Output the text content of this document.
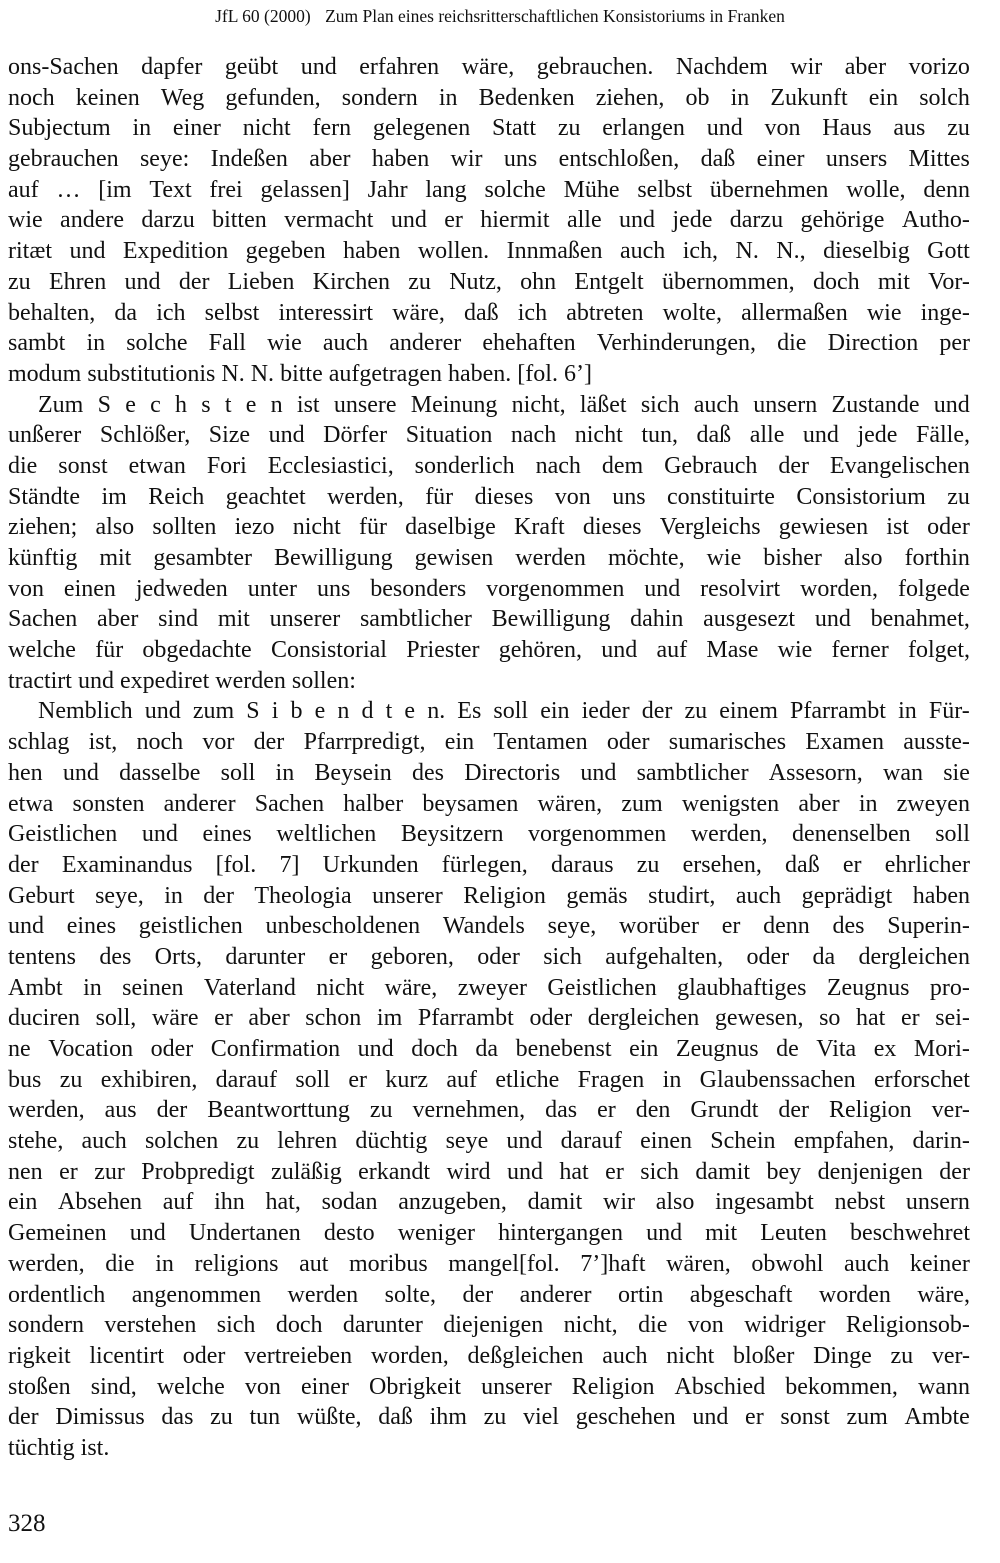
JfL 60 (2000) Zum Plan eines reichsritterschaftlichen Konsistoriums in Franken
ons-Sachen dapfer geübt und erfahren wäre, gebrauchen. Nachdem wir aber vorizo
noch keinen Weg gefunden, sondern in Bedenken ziehen, ob in Zukunft ein solch
Subjectum in einer nicht fern gelegenen Statt zu erlangen und von Haus aus zu
gebrauchen seye: Indeßen aber haben wir uns entschloßen, daß einer unsers Mittes
auf … [im Text frei gelassen] Jahr lang solche Mühe selbst übernehmen wolle, denn
wie andere darzu bitten vermacht und er hiermit alle und jede darzu gehörige Autho-
ritæt und Expedition gegeben haben wollen. Innmaßen auch ich, N. N., dieselbig Gott
zu Ehren und der Lieben Kirchen zu Nutz, ohn Entgelt übernommen, doch mit Vor-
behalten, da ich selbst interessirt wäre, daß ich abtreten wolte, allermaßen wie inge-
sambt in solche Fall wie auch anderer ehehaften Verhinderungen, die Direction per
modum substitutionis N. N. bitte aufgetragen haben. [fol. 6’]
Zum S e c h s t e n ist unsere Meinung nicht, läßet sich auch unsern Zustande und
unßerer Schlößer, Size und Dörfer Situation nach nicht tun, daß alle und jede Fälle,
die sonst etwan Fori Ecclesiastici, sonderlich nach dem Gebrauch der Evangelischen
Ständte im Reich geachtet werden, für dieses von uns constituirte Consistorium zu
ziehen; also sollten iezo nicht für daselbige Kraft dieses Vergleichs gewiesen ist oder
künftig mit gesambter Bewilligung gewisen werden möchte, wie bisher also forthin
von einen jedweden unter uns besonders vorgenommen und resolvirt worden, folgede
Sachen aber sind mit unserer sambtlicher Bewilligung dahin ausgesezt und benahmet,
welche für obgedachte Consistorial Priester gehören, und auf Mase wie ferner folget,
tractirt und expediret werden sollen:
Nemblich und zum S i b e n d t e n. Es soll ein ieder der zu einem Pfarrambt in Für-
schlag ist, noch vor der Pfarrpredigt, ein Tentamen oder sumarisches Examen ausste-
hen und dasselbe soll in Beysein des Directoris und sambtlicher Assesorn, wan sie
etwa sonsten anderer Sachen halber beysamen wären, zum wenigsten aber in zweyen
Geistlichen und eines weltlichen Beysitzern vorgenommen werden, denenselben soll
der Examinandus [fol. 7] Urkunden fürlegen, daraus zu ersehen, daß er ehrlicher
Geburt seye, in der Theologia unserer Religion gemäs studirt, auch geprädigt haben
und eines geistlichen unbescholdenen Wandels seye, worüber er denn des Superin-
tentens des Orts, darunter er geboren, oder sich aufgehalten, oder da dergleichen
Ambt in seinen Vaterland nicht wäre, zweyer Geistlichen glaubhaftiges Zeugnus pro-
duciren soll, wäre er aber schon im Pfarrambt oder dergleichen gewesen, so hat er sei-
ne Vocation oder Confirmation und doch da benebenst ein Zeugnus de Vita ex Mori-
bus zu exhibiren, darauf soll er kurz auf etliche Fragen in Glaubenssachen erforschet
werden, aus der Beantworttung zu vernehmen, das er den Grundt der Religion ver-
stehe, auch solchen zu lehren düchtig seye und darauf einen Schein empfahen, darin-
nen er zur Probpredigt zuläßig erkandt wird und hat er sich damit bey denjenigen der
ein Absehen auf ihn hat, sodan anzugeben, damit wir also ingesambt nebst unsern
Gemeinen und Undertanen desto weniger hintergangen und mit Leuten beschwehret
werden, die in religions aut moribus mangel[fol. 7’]haft wären, obwohl auch keiner
ordentlich angenommen werden solte, der anderer ortin abgeschaft worden wäre,
sondern verstehen sich doch darunter diejenigen nicht, die von widriger Religionsob-
rigkeit licentirt oder vertreieben worden, deßgleichen auch nicht bloßer Dinge zu ver-
stoßen sind, welche von einer Obrigkeit unserer Religion Abschied bekommen, wann
der Dimissus das zu tun wüßte, daß ihm zu viel geschehen und er sonst zum Ambte
tüchtig ist.
328
